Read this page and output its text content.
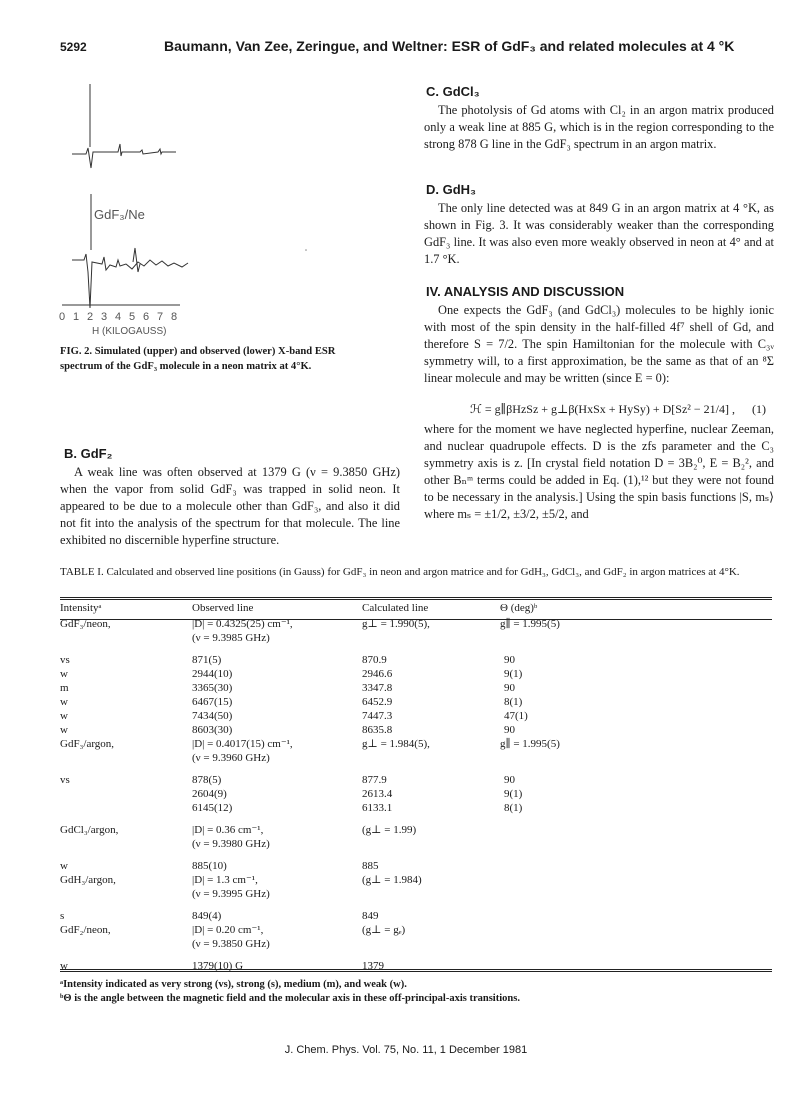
5292	Baumann, Van Zee, Zeringue, and Weltner: ESR of GdF₃ and related molecules at 4 °K
GdF₃/Ne
0 1 2 3 4 5 6 7 8
H (KILOGAUSS)
FIG. 2. Simulated (upper) and observed (lower) X-band ESR spectrum of the GdF₃ molecule in a neon matrix at 4°K.
B. GdF₂

A weak line was often observed at 1379 G (ν = 9.3850 GHz) when the vapor from solid GdF₃ was trapped in solid neon. It appeared to be due to a molecule other than GdF₃, and also it did not fit into the analysis of the spectrum for that molecule. The line exhibited no discernible hyperfine structure.

C. GdCl₃

The photolysis of Gd atoms with Cl₂ in an argon matrix produced only a weak line at 885 G, which is in the region corresponding to the strong 878 G line in the GdF₃ spectrum in an argon matrix.

D. GdH₃

The only line detected was at 849 G in an argon matrix at 4 °K, as shown in Fig. 3. It was considerably weaker than the corresponding GdF₃ line. It was also even more weakly observed in neon at 4° and at 1.7 °K.

IV. ANALYSIS AND DISCUSSION

One expects the GdF₃ (and GdCl₃) molecules to be highly ionic with most of the spin density in the half-filled 4f⁷ shell of Gd, and therefore S = 7/2. The spin Hamiltonian for the molecule with C₃ᵥ symmetry will, to a first approximation, be the same as that of an ⁸Σ linear molecule and may be written (since E = 0):

ℋ = g∥βHzSz + g⊥β(HxSx + HySy) + D[Sz² − 21/4] , (1)

where for the moment we have neglected hyperfine, nuclear Zeeman, and nuclear quadrupole effects. D is the zfs parameter and the C₃ symmetry axis is z. [In crystal field notation D = 3B₂⁰, E = B₂², and other Bₙᵐ terms could be added in Eq. (1),¹² but they were not found to be necessary in the analysis.] Using the spin basis functions |S, mₛ⟩ where mₛ = ±1/2, ±3/2, ±5/2, and

TABLE I. Calculated and observed line positions (in Gauss) for GdF₃ in neon and argon matrice and for GdH₃, GdCl₃, and GdF₂ in argon matrices at 4°K.
Intensityᵃ	Observed line	Calculated line	Θ (deg)ᵇ
GdF₃/neon,	|D| = 0.4325(25) cm⁻¹,	g⊥ = 1.990(5),	g∥ = 1.995(5)
	(ν = 9.3985 GHz)		

vs	871(5)	870.9	90
w	2944(10)	2946.6	9(1)
m	3365(30)	3347.8	90
w	6467(15)	6452.9	8(1)
w	7434(50)	7447.3	47(1)
w	8603(30)	8635.8	90
GdF₃/argon,	|D| = 0.4017(15) cm⁻¹,	g⊥ = 1.984(5),	g∥ = 1.995(5)
	(ν = 9.3960 GHz)		

vs	878(5)	877.9	90
	2604(9)	2613.4	9(1)
	6145(12)	6133.1	8(1)

GdCl₃/argon,	|D| = 0.36 cm⁻¹,	(g⊥ = 1.99)	
	(ν = 9.3980 GHz)		

w	885(10)	885	
GdH₃/argon,	|D| = 1.3 cm⁻¹,	(g⊥ = 1.984)	
	(ν = 9.3995 GHz)		

s	849(4)	849	
GdF₂/neon,	|D| = 0.20 cm⁻¹,	(g⊥ = gₑ)	
	(ν = 9.3850 GHz)		

w	1379(10) G	1379	
ᵃIntensity indicated as very strong (vs), strong (s), medium (m), and weak (w).
ᵇΘ is the angle between the magnetic field and the molecular axis in these off-principal-axis transitions.
J. Chem. Phys. Vol. 75, No. 11, 1 December 1981
